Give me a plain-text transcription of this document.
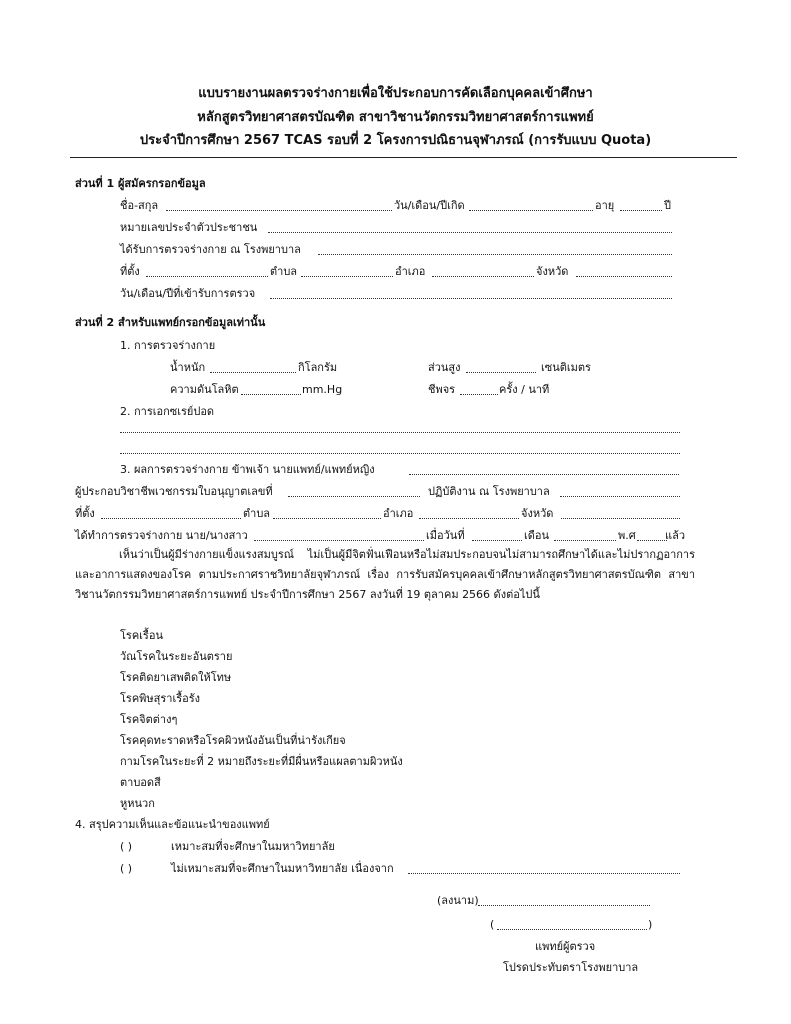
แบบรายงานผลตรวจร่างกายเพื่อใช้ประกอบการคัดเลือกบุคคลเข้าศึกษา
หลักสูตรวิทยาศาสตรบัณฑิต สาขาวิชานวัตกรรมวิทยาศาสตร์การแพทย์
ประจำปีการศึกษา 2567 TCAS รอบที่ 2 โครงการปณิธานจุฬาภรณ์ (การรับแบบ Quota)
ส่วนที่ 1 ผู้สมัครกรอกข้อมูล
ชื่อ-สกุล	วัน/เดือน/ปีเกิด	อายุ	ปี
หมายเลขประจำตัวประชาชน
ได้รับการตรวจร่างกาย ณ โรงพยาบาล
ที่ตั้ง	ตำบล	อำเภอ	จังหวัด
วัน/เดือน/ปีที่เข้ารับการตรวจ
ส่วนที่ 2 สำหรับแพทย์กรอกข้อมูลเท่านั้น
1. การตรวจร่างกาย
น้ำหนัก	กิโลกรัม	ส่วนสูง	เซนติเมตร
ความดันโลหิต	mm.Hg	ชีพจร	ครั้ง / นาที
2. การเอกซเรย์ปอด
3. ผลการตรวจร่างกาย ข้าพเจ้า นายแพทย์/แพทย์หญิง
ผู้ประกอบวิชาชีพเวชกรรมใบอนุญาตเลขที่	ปฏิบัติงาน ณ โรงพยาบาล
ที่ตั้ง	ตำบล	อำเภอ	จังหวัด
ได้ทำการตรวจร่างกาย นาย/นางสาว	เมื่อวันที่	เดือน	พ.ศ	แล้ว
เห็นว่าเป็นผู้มีร่างกายแข็งแรงสมบูรณ์ ไม่เป็นผู้มีจิตฟั่นเฟือนหรือไม่สมประกอบจนไม่สามารถศึกษาได้และไม่ปรากฏอาการและอาการแสดงของโรค ตามประกาศราชวิทยาลัยจุฬาภรณ์ เรื่อง การรับสมัครบุคคลเข้าศึกษาหลักสูตรวิทยาศาสตรบัณฑิต สาขาวิชานวัตกรรมวิทยาศาสตร์การแพทย์ ประจำปีการศึกษา 2567 ลงวันที่ 19 ตุลาคม 2566 ดังต่อไปนี้
โรคเรื้อน
วัณโรคในระยะอันตราย
โรคติดยาเสพติดให้โทษ
โรคพิษสุราเรื้อรัง
โรคจิตต่างๆ
โรคคุดทะราดหรือโรคผิวหนังอันเป็นที่น่ารังเกียจ
กามโรคในระยะที่ 2 หมายถึงระยะที่มีผื่นหรือแผลตามผิวหนัง
ตาบอดสี
หูหนวก
4. สรุปความเห็นและข้อแนะนำของแพทย์
( )	เหมาะสมที่จะศึกษาในมหาวิทยาลัย
( )	ไม่เหมาะสมที่จะศึกษาในมหาวิทยาลัย เนื่องจาก
(ลงนาม)
(	)
แพทย์ผู้ตรวจ
โปรดประทับตราโรงพยาบาล
